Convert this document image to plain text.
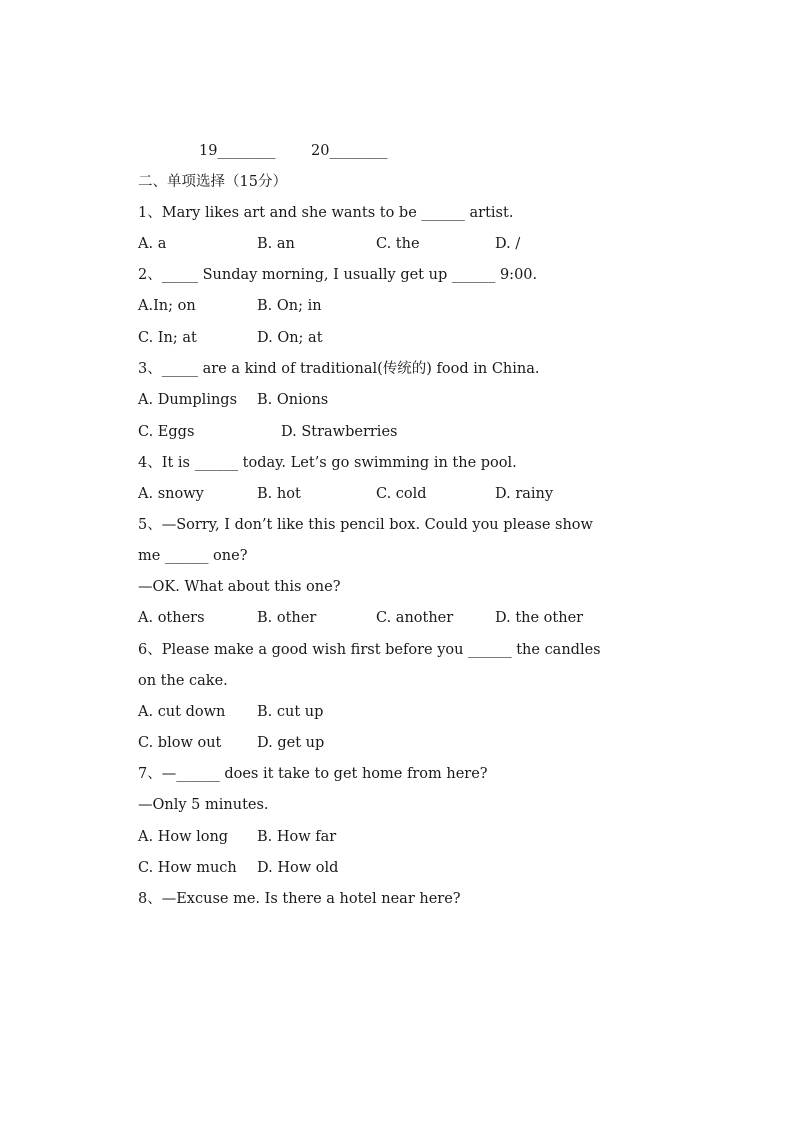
19________ 20________
二、单项选择（15分）
1、Mary likes art and she wants to be ______ artist.
A. a	B. an	C. the	D. /
2、_____ Sunday morning, I usually get up ______ 9:00.
A.In; on	B. On; in
C. In; at	D. On; at
3、_____ are a kind of traditional(传统的) food in China.
A. Dumplings B. Onions
C. Eggs	D. Strawberries
4、It is ______ today. Let’s go swimming in the pool.
A. snowy	B. hot	C. cold	D. rainy
5、—Sorry, I don’t like this pencil box. Could you please show
me ______ one?
—OK. What about this one?
A. others	B. other	C. another	D. the other
6、Please make a good wish first before you ______ the candles
on the cake.
A. cut down B. cut up
C. blow out D. get up
7、—______ does it take to get home from here?
—Only 5 minutes.
A. How long B. How far
C. How much D. How old
8、—Excuse me. Is there a hotel near here?
